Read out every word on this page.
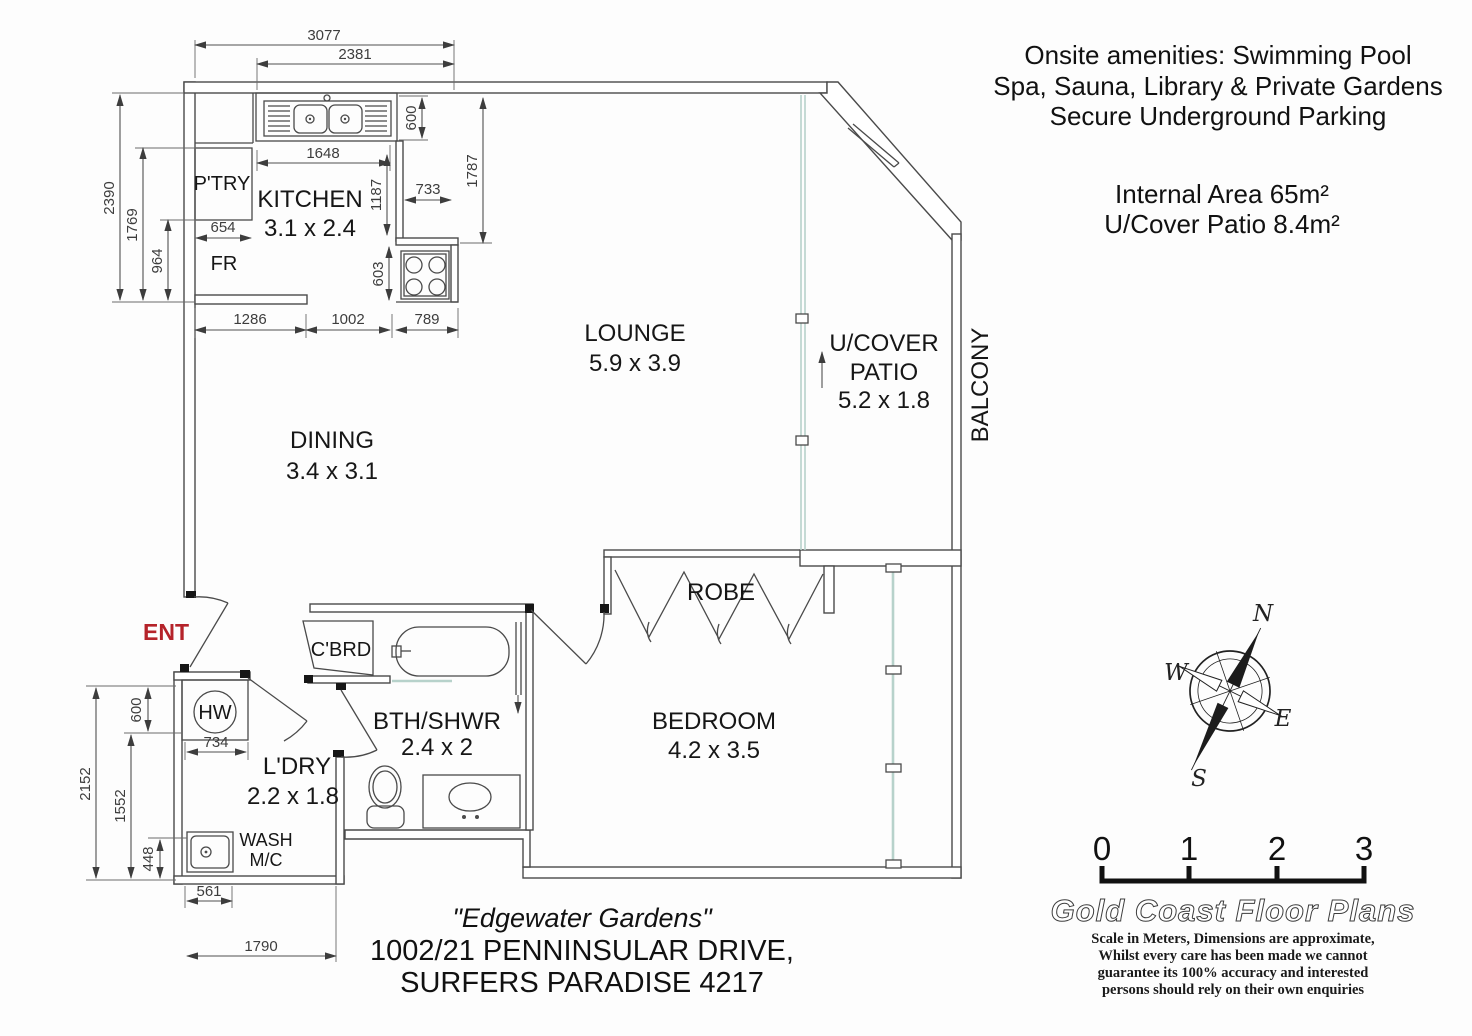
3077
2381
600
1648
1187 733
1787
654
964
1769
2390
603
1286	1002	789
2152
600
1552
448
734
561
1790
KITCHEN
3.1 x 2.4
P'TRY
FR
DINING
3.4 x 3.1
LOUNGE
5.9 x 3.9
U/COVER
PATIO
5.2 x 1.8 BALCONY
ROBE
BEDROOM
4.2 x 3.5
BTH/SHWR
2.4 x 2
C'BRD
L'DRY
2.2 x 1.8
WASH
M/C
HW
ENT
Onsite amenities: Swimming Pool
Spa, Sauna, Library & Private Gardens
Secure Underground Parking
Internal Area 65m²
U/Cover Patio 8.4m²
N
E
S
W
0 1 2 3
Gold Coast Floor Plans
Scale in Meters, Dimensions are approximate,
Whilst every care has been made we cannot
guarantee its 100% accuracy and interested
persons should rely on their own enquiries
"Edgewater Gardens"
1002/21 PENNINSULAR DRIVE,
SURFERS PARADISE 4217
